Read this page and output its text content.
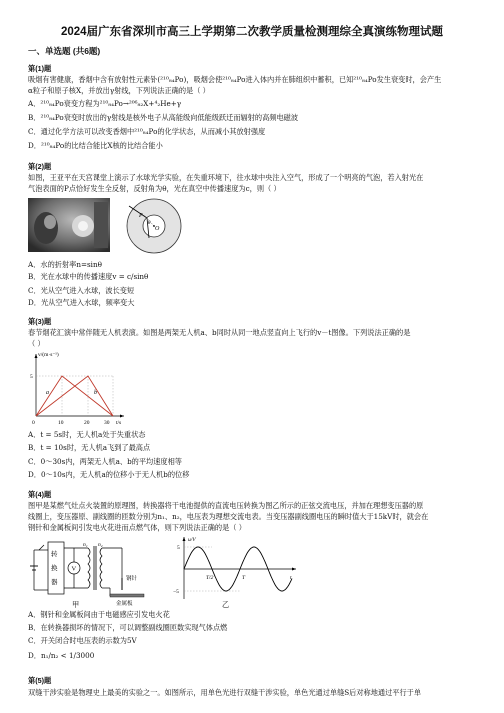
2024届广东省深圳市高三上学期第二次教学质量检测理综全真演练物理试题
一、单选题 (共6题)
第(1)题
吸烟有害健康，香烟中含有放射性元素钋(²¹⁰₈₄Po)，吸烟会使²¹⁰₈₄Po进入体内并在肺组织中蓄积，已知²¹⁰₈₄Po发生衰变时，会产生
α粒子和原子核X，并放出γ射线，下列说法正确的是（ ）
A．²¹⁰₈₄Po衰变方程为²¹⁰₈₄Po→²⁰⁶₈₂X+⁴₂He+γ
B．²¹⁰₈₄Po衰变时放出的γ射线是核外电子从高能级向低能级跃迁而辐射的高频电磁波
C．通过化学方法可以改变香烟中²¹⁰₈₄Po的化学状态，从而减小其放射强度
D．²¹⁰₈₄Po的比结合能比X核的比结合能小
第(2)题
如图，王亚平在天宫课堂上演示了水球光学实验，在失重环境下，往水球中央注入空气，形成了一个明亮的气泡，若入射光在
气泡表面的P点恰好发生全反射，反射角为θ，光在真空中传播速度为c，则（ ）
O
P
θ
A．水的折射率n=sinθ
B．光在水球中的传播速度v = c/sinθ
C．光从空气进入水球，波长变短
D．光从空气进入水球，频率变大
第(3)题
春节烟花汇演中常伴随无人机表演。如图是两架无人机a、b同时从同一地点竖直向上飞行的v－t图像。下列说法正确的是
（ ）
v/(m·s⁻¹)
t/s
5
0	10	20	30
a	b
A．t = 5s时，无人机a处于失重状态
B．t = 10s时，无人机a飞到了最高点
C．0～30s内，两架无人机a、b的平均速度相等
D．0～10s内，无人机a的位移小于无人机b的位移
第(4)题
图甲是某燃气灶点火装置的原理图，转换器将干电池提供的直流电压转换为图乙所示的正弦交流电压，并加在理想变压器的原
线圈上，变压器原、副线圈的匝数分别为n₁、n₂，电压表为理想交流电表。当变压器副线圈电压的瞬时值大于15kV时，就会在
钢针和金属板间引发电火花进而点燃气体，则下列说法正确的是（ ）
转
换
器
V
n₁ n₂
钢针
金属板
甲
u/V
5
−5
T/2	T	t
乙
A．钢针和金属板间由于电磁感应引发电火花
B．在转换器损坏的情况下，可以调整副线圈匝数实现气体点燃
C．开关闭合时电压表的示数为5V
D．n₁/n₂ < 1/3000
第(5)题
双缝干涉实验是物理史上最美的实验之一。如图所示，用单色光进行双缝干涉实验，单色光通过单缝S后对称地通过平行于单
